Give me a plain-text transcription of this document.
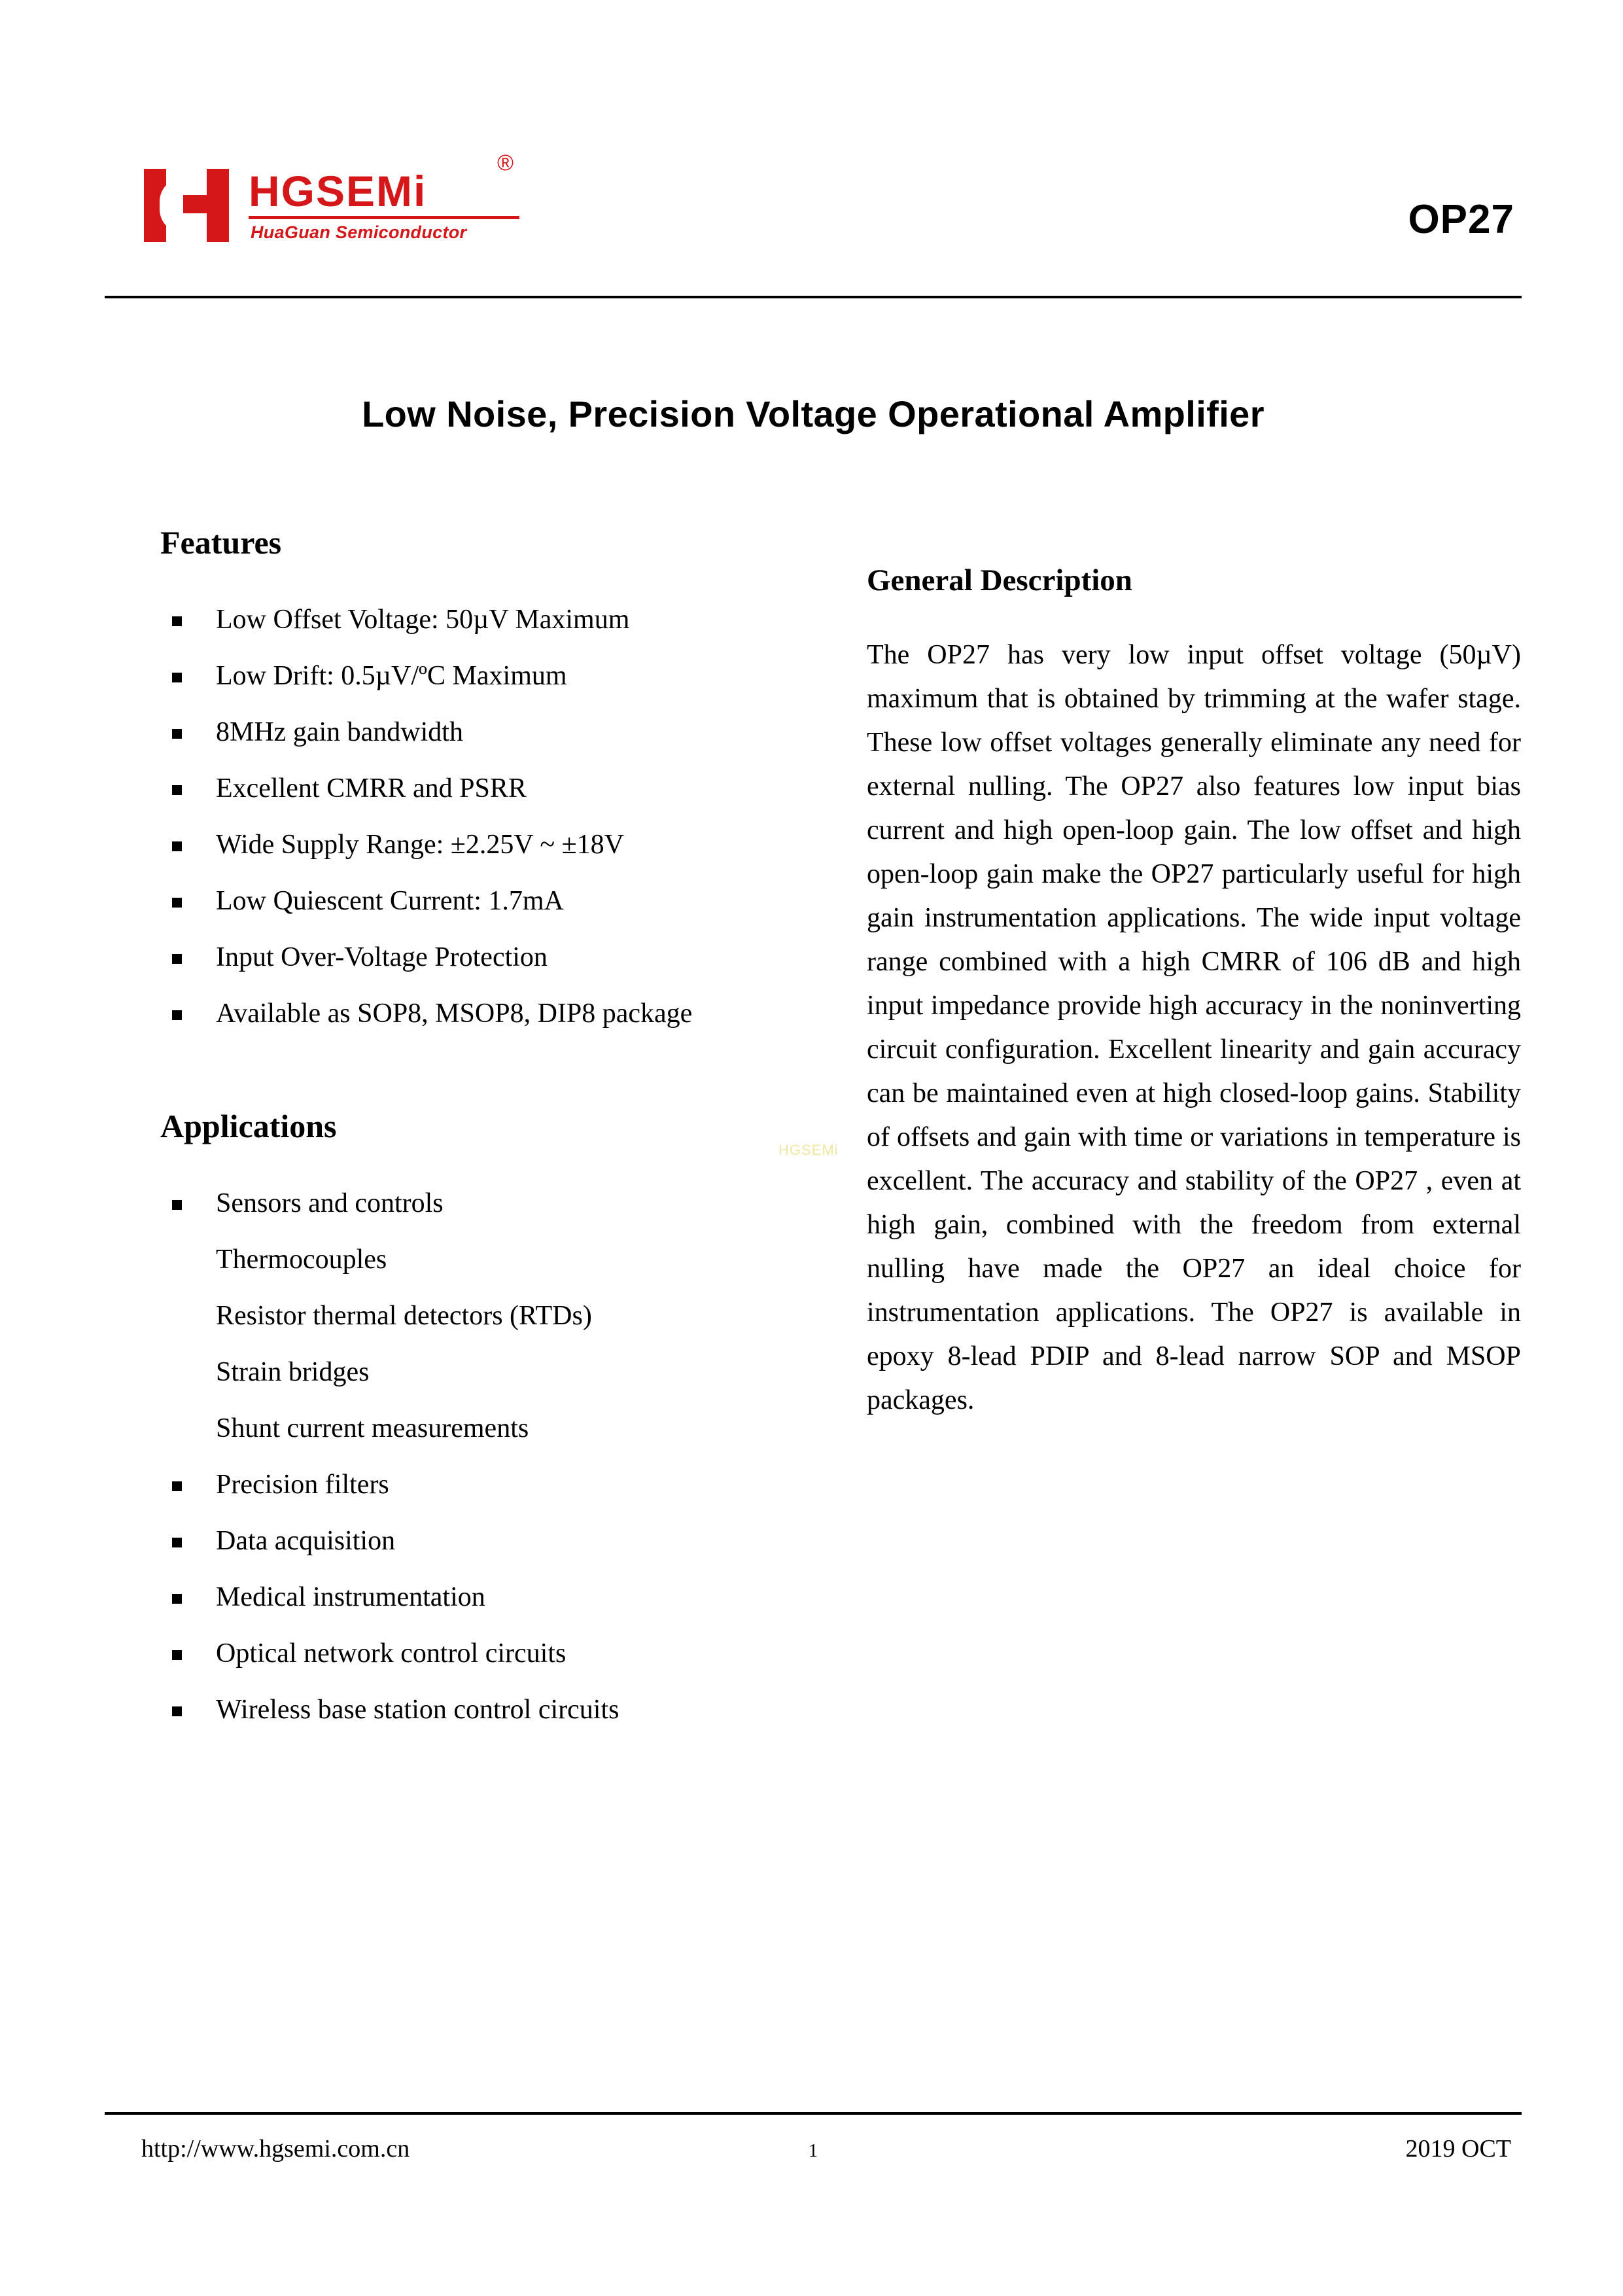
HGSEMi
®
HuaGuan Semiconductor	OP27
Low Noise, Precision Voltage Operational Amplifier
Features
Low Offset Voltage: 50µV Maximum
Low Drift: 0.5µV/ºC Maximum
8MHz gain bandwidth
Excellent CMRR and PSRR
Wide Supply Range: ±2.25V ~ ±18V
Low Quiescent Current: 1.7mA
Input Over-Voltage Protection
Available as SOP8, MSOP8, DIP8 package
Applications
Sensors and controls
Thermocouples
Resistor thermal detectors (RTDs)
Strain bridges
Shunt current measurements
Precision filters
Data acquisition
Medical instrumentation
Optical network control circuits
Wireless base station control circuits
General Description

The OP27 has very low input offset voltage (50µV) maximum that is obtained by trimming at the wafer stage. These low offset voltages generally eliminate any need for external nulling. The OP27 also features low input bias current and high open-loop gain. The low offset and high open-loop gain make the OP27 particularly useful for high gain instrumentation applications. The wide input voltage range combined with a high CMRR of 106 dB and high input impedance provide high accuracy in the noninverting circuit configuration. Excellent linearity and gain accuracy can be maintained even at high closed-loop gains. Stability of offsets and gain with time or variations in temperature is excellent. The accuracy and stability of the OP27 , even at high gain, combined with the freedom from external nulling have made the OP27 an ideal choice for instrumentation applications. The OP27 is available in epoxy 8-lead PDIP and 8-lead narrow SOP and MSOP packages.

HGSEMi
http://www.hgsemi.com.cn	1	2019 OCT
